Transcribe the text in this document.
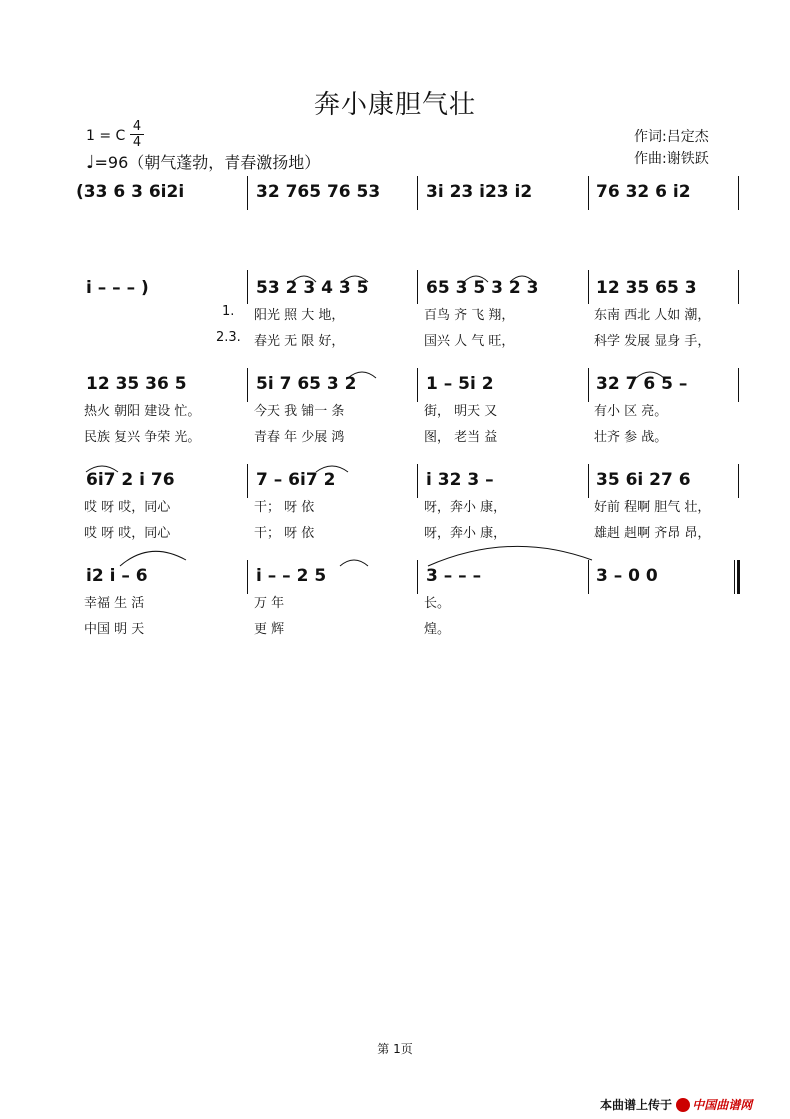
奔小康胆气壮
1 = C
4
4
♩=96（朝气蓬勃，青春激扬地）
作词:吕定杰
作曲:谢铁跃
(33 6 3 6i2i	32 765 76 53	3i 23 i23 i2	76 32 6 i2
i – – – )	53 2 3 4 3 5	65 3 5 3 2 3	12 35 65 3
1. 阳光 照 大 地，	百鸟 齐 飞 翔，	东南 西北 人如 潮，
2.3. 春光 无 限 好，	国兴 人 气 旺，	科学 发展 显身 手，
12 35 36 5	5i 7 65 3 2	1 – 5i 2	32 7 6 5 –
热火 朝阳 建设 忙。	今天 我 铺一 条	街， 明天 又	有小 区 亮。
民族 复兴 争荣 光。	青春 年 少展 鸿	图， 老当 益	壮齐 参 战。
6i7 2 i 76	7 – 6i7 2	i 32 3 –	35 6i 27 6
哎 呀 哎，同心	干； 呀 依	呀，奔小 康，	好前 程啊 胆气 壮，
哎 呀 哎，同心	干； 呀 依	呀，奔小 康，	雄赳 赳啊 齐昂 昂，
i2 i – 6	i – – 2 5	3 – – –	3 – 0 0
幸福 生 活	万 年	长。
中国 明 天	更 辉	煌。
第 1页
本曲谱上传于 中国曲谱网
